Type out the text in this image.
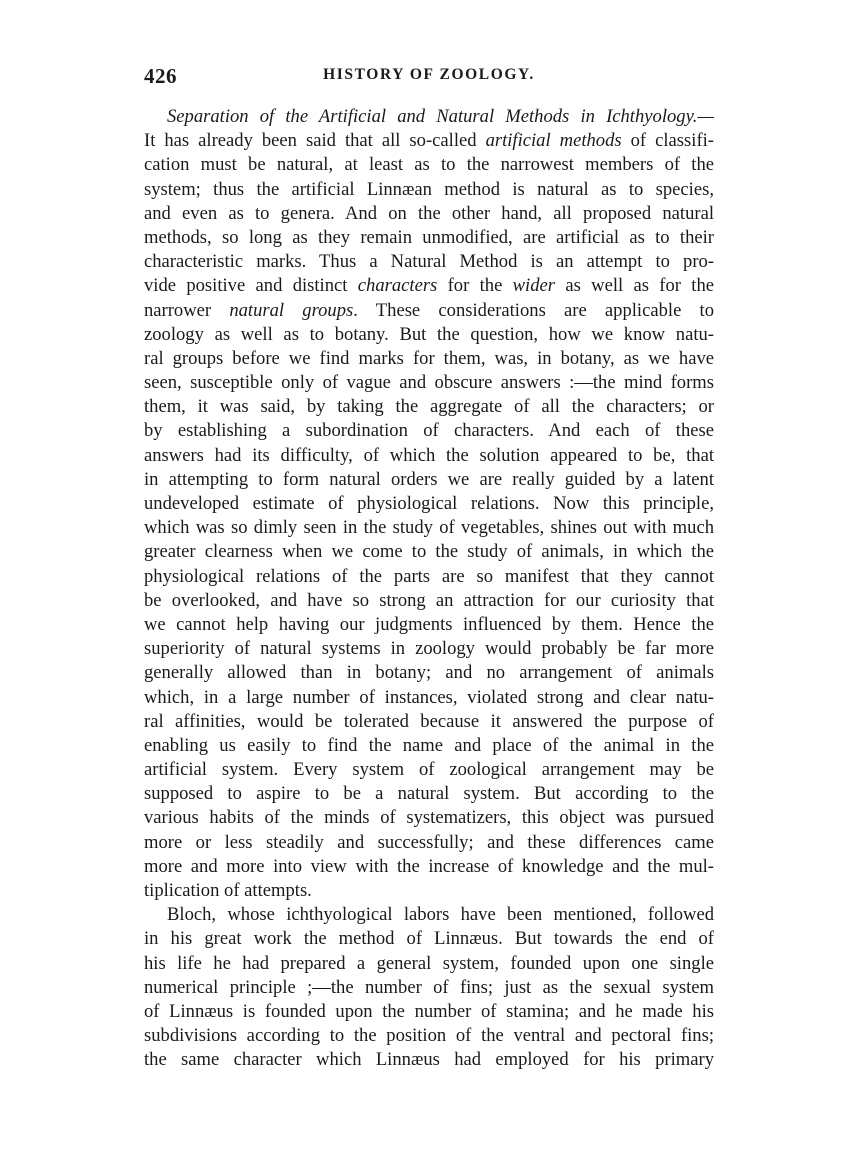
426	HISTORY OF ZOOLOGY.
Separation of the Artificial and Natural Methods in Ichthyology.—
It has already been said that all so-called artificial methods of classifi-
cation must be natural, at least as to the narrowest members of the
system; thus the artificial Linnæan method is natural as to species,
and even as to genera. And on the other hand, all proposed natural
methods, so long as they remain unmodified, are artificial as to their
characteristic marks. Thus a Natural Method is an attempt to pro-
vide positive and distinct characters for the wider as well as for the
narrower natural groups. These considerations are applicable to
zoology as well as to botany. But the question, how we know natu-
ral groups before we find marks for them, was, in botany, as we have
seen, susceptible only of vague and obscure answers :—the mind forms
them, it was said, by taking the aggregate of all the characters; or
by establishing a subordination of characters. And each of these
answers had its difficulty, of which the solution appeared to be, that
in attempting to form natural orders we are really guided by a latent
undeveloped estimate of physiological relations. Now this principle,
which was so dimly seen in the study of vegetables, shines out with much
greater clearness when we come to the study of animals, in which the
physiological relations of the parts are so manifest that they cannot
be overlooked, and have so strong an attraction for our curiosity that
we cannot help having our judgments influenced by them. Hence the
superiority of natural systems in zoology would probably be far more
generally allowed than in botany; and no arrangement of animals
which, in a large number of instances, violated strong and clear natu-
ral affinities, would be tolerated because it answered the purpose of
enabling us easily to find the name and place of the animal in the
artificial system. Every system of zoological arrangement may be
supposed to aspire to be a natural system. But according to the
various habits of the minds of systematizers, this object was pursued
more or less steadily and successfully; and these differences came
more and more into view with the increase of knowledge and the mul-
tiplication of attempts.
Bloch, whose ichthyological labors have been mentioned, followed
in his great work the method of Linnæus. But towards the end of
his life he had prepared a general system, founded upon one single
numerical principle ;—the number of fins; just as the sexual system
of Linnæus is founded upon the number of stamina; and he made his
subdivisions according to the position of the ventral and pectoral fins;
the same character which Linnæus had employed for his primary
